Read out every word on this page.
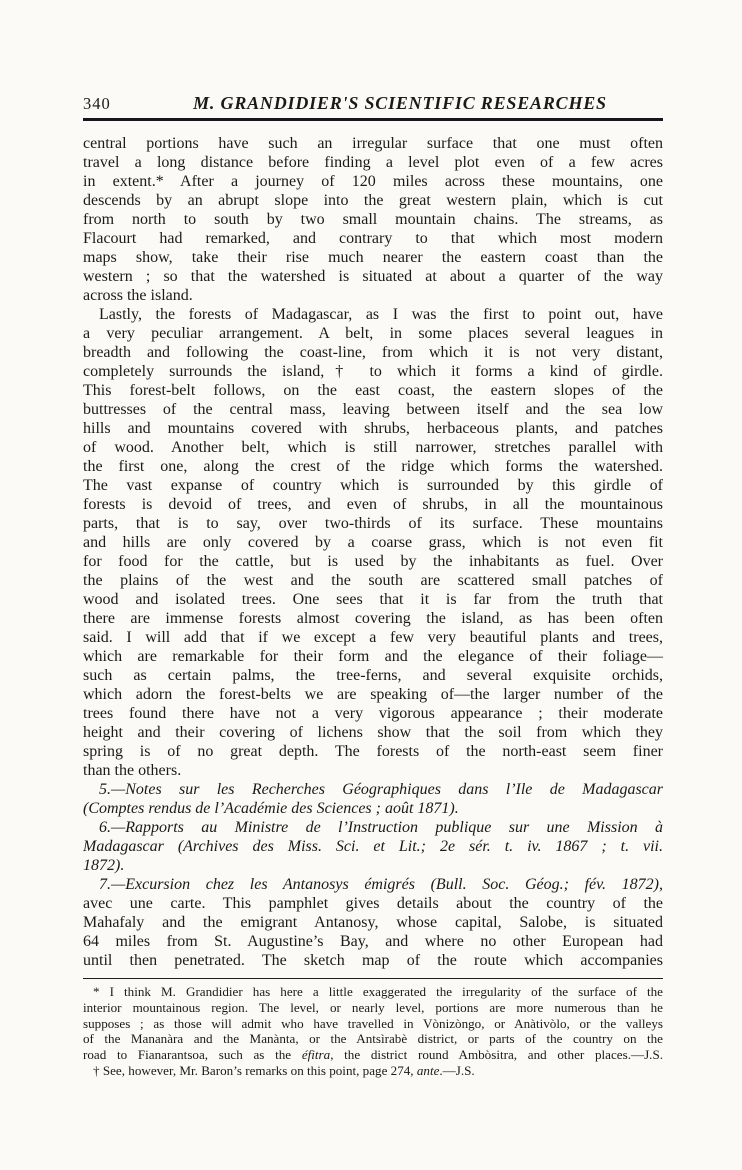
340	M. GRANDIDIER'S SCIENTIFIC RESEARCHES
central portions have such an irregular surface that one must often
travel a long distance before finding a level plot even of a few acres
in extent.* After a journey of 120 miles across these mountains, one
descends by an abrupt slope into the great western plain, which is cut
from north to south by two small mountain chains. The streams, as
Flacourt had remarked, and contrary to that which most modern
maps show, take their rise much nearer the eastern coast than the
western ; so that the watershed is situated at about a quarter of the way
across the island.
Lastly, the forests of Madagascar, as I was the first to point out, have
a very peculiar arrangement. A belt, in some places several leagues in
breadth and following the coast-line, from which it is not very distant,
completely surrounds the island,† to which it forms a kind of girdle.
This forest-belt follows, on the east coast, the eastern slopes of the
buttresses of the central mass, leaving between itself and the sea low
hills and mountains covered with shrubs, herbaceous plants, and patches
of wood. Another belt, which is still narrower, stretches parallel with
the first one, along the crest of the ridge which forms the watershed.
The vast expanse of country which is surrounded by this girdle of
forests is devoid of trees, and even of shrubs, in all the mountainous
parts, that is to say, over two-thirds of its surface. These mountains
and hills are only covered by a coarse grass, which is not even fit
for food for the cattle, but is used by the inhabitants as fuel. Over
the plains of the west and the south are scattered small patches of
wood and isolated trees. One sees that it is far from the truth that
there are immense forests almost covering the island, as has been often
said. I will add that if we except a few very beautiful plants and trees,
which are remarkable for their form and the elegance of their foliage—
such as certain palms, the tree-ferns, and several exquisite orchids,
which adorn the forest-belts we are speaking of—the larger number of the
trees found there have not a very vigorous appearance ; their moderate
height and their covering of lichens show that the soil from which they
spring is of no great depth. The forests of the north-east seem finer
than the others.
5.—Notes sur les Recherches Géographiques dans l’Ile de Madagascar
(Comptes rendus de l’Académie des Sciences ; août 1871).
6.—Rapports au Ministre de l’Instruction publique sur une Mission à
Madagascar (Archives des Miss. Sci. et Lit.; 2e sér. t. iv. 1867 ; t. vii.
1872).
7.—Excursion chez les Antanosys émigrés (Bull. Soc. Géog.; fév. 1872),
avec une carte. This pamphlet gives details about the country of the
Mahafaly and the emigrant Antanosy, whose capital, Salobe, is situated
64 miles from St. Augustine’s Bay, and where no other European had
until then penetrated. The sketch map of the route which accompanies
* I think M. Grandidier has here a little exaggerated the irregularity of the surface of the
interior mountainous region. The level, or nearly level, portions are more numerous than he
supposes ; as those will admit who have travelled in Vònizòngo, or Anàtivòlo, or the valleys
of the Mananàra and the Manànta, or the Antsìrabè district, or parts of the country on the
road to Fianarantsoa, such as the éfitra, the district round Ambòsitra, and other places.—J.S.
† See, however, Mr. Baron’s remarks on this point, page 274, ante.—J.S.
